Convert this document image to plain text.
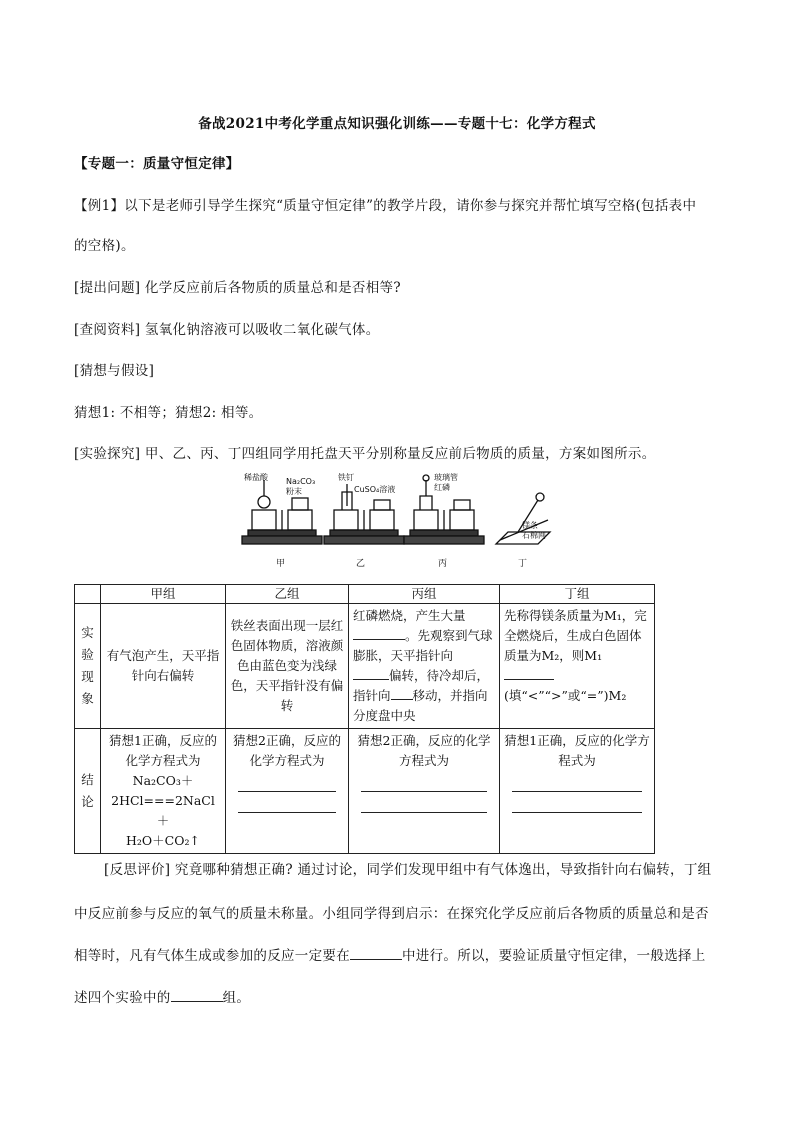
备战2021中考化学重点知识强化训练——专题十七：化学方程式
【专题一：质量守恒定律】
【例1】以下是老师引导学生探究“质量守恒定律”的教学片段，请你参与探究并帮忙填写空格(包括表中
的空格)。
[提出问题] 化学反应前后各物质的质量总和是否相等?
[查阅资料] 氢氧化钠溶液可以吸收二氧化碳气体。
[猜想与假设]
猜想1: 不相等；猜想2: 相等。
[实验探究] 甲、乙、丙、丁四组同学用托盘天平分别称量反应前后物质的质量，方案如图所示。
稀盐酸 Na₂CO₃
粉末
铁钉
CuSO₄溶液
玻璃管
红磷
镁条
石棉网
甲	乙	丙	丁
	甲组	乙组	丙组	丁组
实
验
现
象	有气泡产生，天平指针向右偏转	铁丝表面出现一层红色固体物质，溶液颜色由蓝色变为浅绿色，天平指针没有偏转	红磷燃烧，产生大量
。先观察到气球膨胀，天平指针向
偏转，待冷却后，指针向 移动，并指向分度盘中央	先称得镁条质量为M₁，完全燃烧后，生成白色固体质量为M₂，则M₁(填“<”“>”或“=”)M₂
结
论	猜想1正确，反应的化学方程式为
Na₂CO₃＋
2HCl===2NaCl＋
H₂O＋CO₂↑	猜想2正确，反应的化学方程式为	猜想2正确，反应的化学方程式为	猜想1正确，反应的化学方程式为
[反思评价] 究竟哪种猜想正确? 通过讨论，同学们发现甲组中有气体逸出，导致指针向右偏转，丁组
中反应前参与反应的氧气的质量未称量。小组同学得到启示：在探究化学反应前后各物质的质量总和是否
相等时，凡有气体生成或参加的反应一定要在	中进行。所以，要验证质量守恒定律，一般选择上
述四个实验中的	组。
